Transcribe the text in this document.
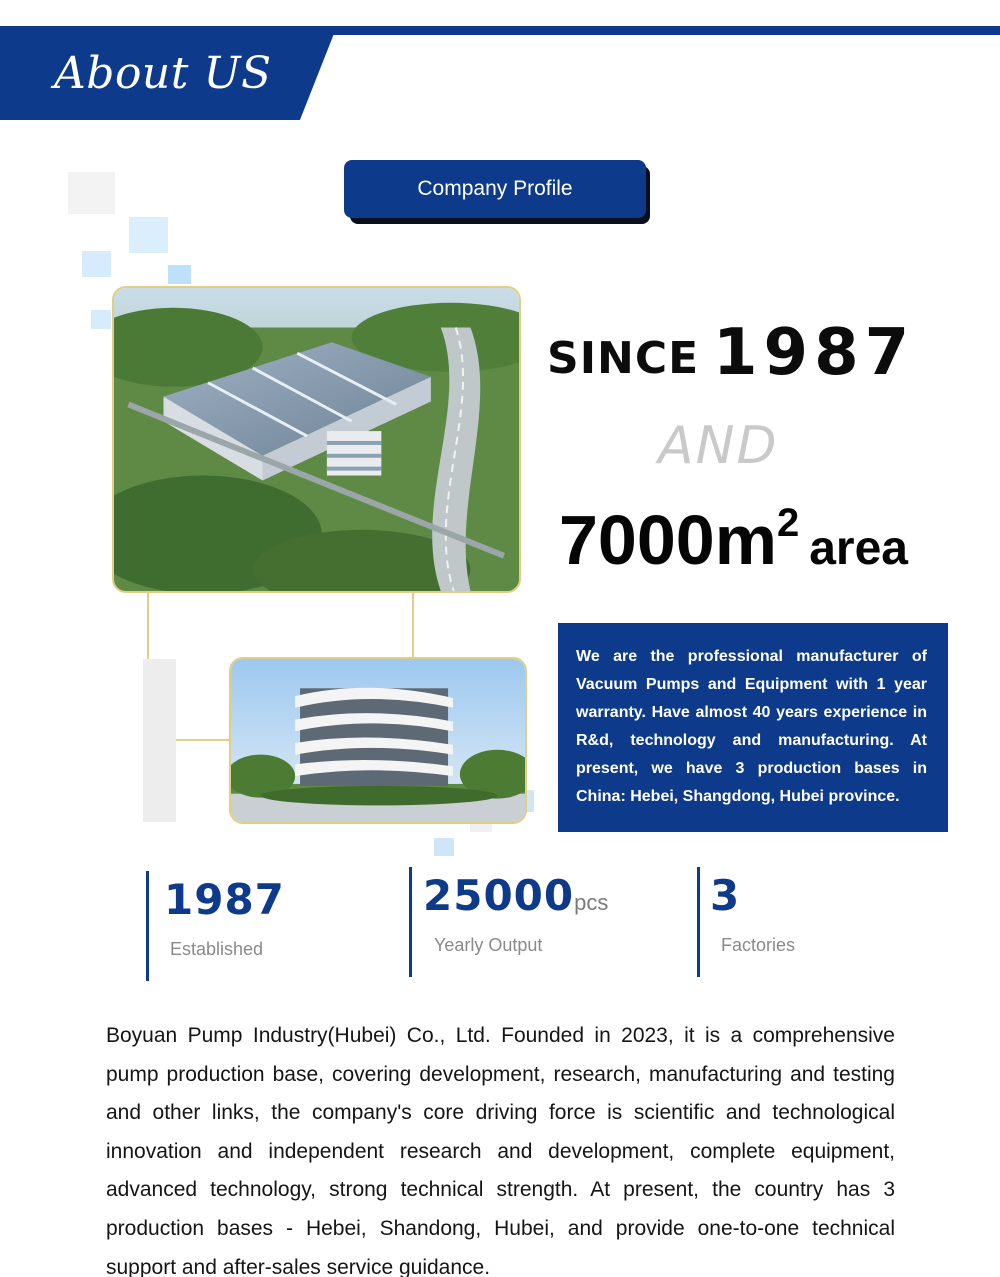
About US
Company Profile
SINCE 1987
AND
7000m2 area

We are the professional manufacturer of Vacuum Pumps and Equipment with 1 year warranty. Have almost 40 years experience in R&d, technology and manufacturing. At present, we have 3 production bases in China: Hebei, Shangdong, Hubei province.

1987
Established
25000pcs
Yearly Output
3
Factories

Boyuan Pump Industry(Hubei) Co., Ltd. Founded in 2023, it is a comprehensive pump production base, covering development, research, manufacturing and testing and other links, the company's core driving force is scientific and technological innovation and independent research and development, complete equipment, advanced technology, strong technical strength. At present, the country has 3 production bases - Hebei, Shandong, Hubei, and provide one-to-one technical support and after-sales service guidance.
